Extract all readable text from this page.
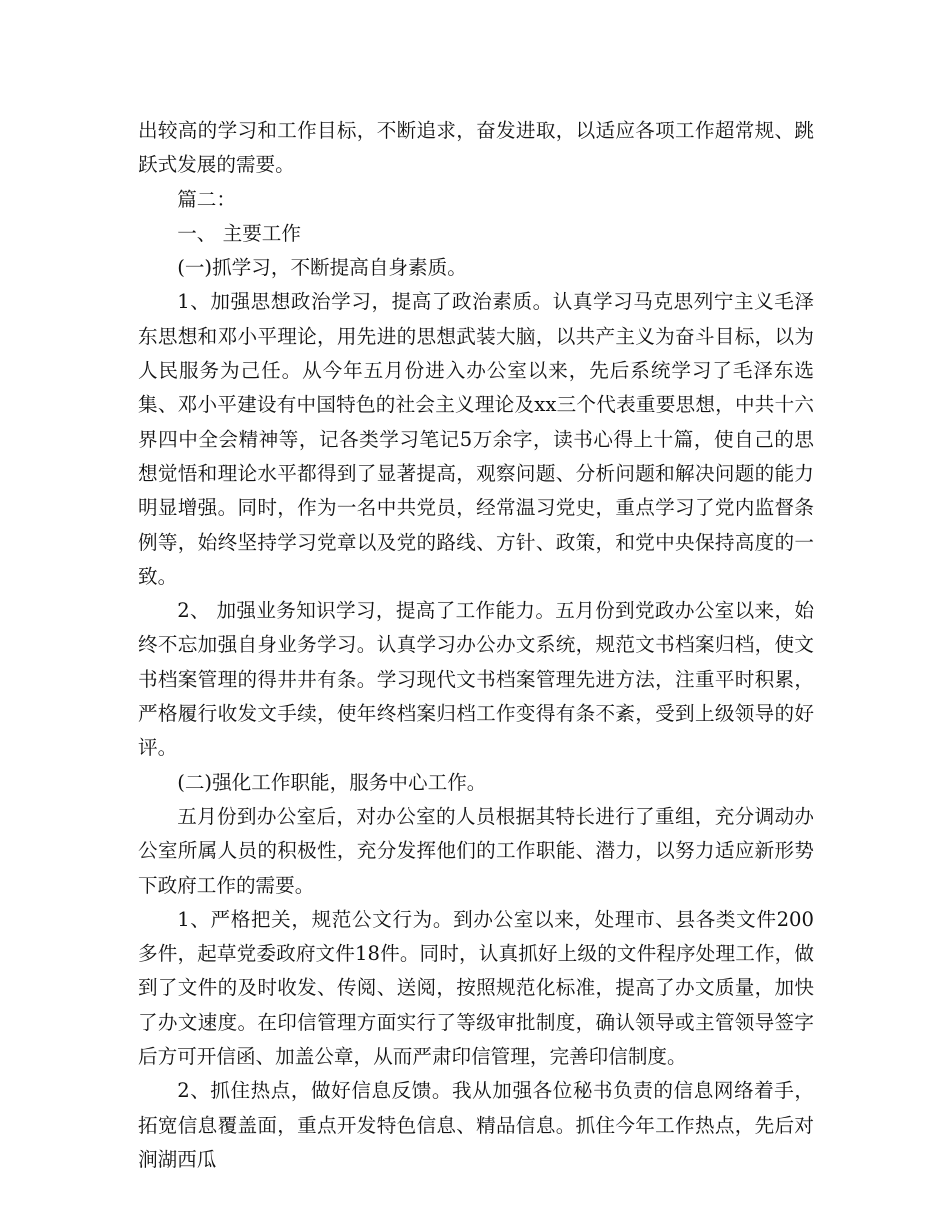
出较高的学习和工作目标，不断追求，奋发进取，以适应各项工作超常规、跳跃式发展的需要。

篇二：

一、 主要工作

(一)抓学习，不断提高自身素质。

1、加强思想政治学习，提高了政治素质。认真学习马克思列宁主义毛泽东思想和邓小平理论，用先进的思想武装大脑，以共产主义为奋斗目标，以为人民服务为己任。从今年五月份进入办公室以来，先后系统学习了毛泽东选集、邓小平建设有中国特色的社会主义理论及xx三个代表重要思想，中共十六界四中全会精神等，记各类学习笔记5万余字，读书心得上十篇，使自己的思想觉悟和理论水平都得到了显著提高，观察问题、分析问题和解决问题的能力明显增强。同时，作为一名中共党员，经常温习党史，重点学习了党内监督条例等，始终坚持学习党章以及党的路线、方针、政策，和党中央保持高度的一致。

2、 加强业务知识学习，提高了工作能力。五月份到党政办公室以来，始终不忘加强自身业务学习。认真学习办公办文系统，规范文书档案归档，使文书档案管理的得井井有条。学习现代文书档案管理先进方法，注重平时积累，严格履行收发文手续，使年终档案归档工作变得有条不紊，受到上级领导的好评。

(二)强化工作职能，服务中心工作。

五月份到办公室后，对办公室的人员根据其特长进行了重组，充分调动办公室所属人员的积极性，充分发挥他们的工作职能、潜力，以努力适应新形势下政府工作的需要。

1、严格把关，规范公文行为。到办公室以来，处理市、县各类文件200多件，起草党委政府文件18件。同时，认真抓好上级的文件程序处理工作，做到了文件的及时收发、传阅、送阅，按照规范化标准，提高了办文质量，加快了办文速度。在印信管理方面实行了等级审批制度，确认领导或主管领导签字后方可开信函、加盖公章，从而严肃印信管理，完善印信制度。

2、抓住热点，做好信息反馈。我从加强各位秘书负责的信息网络着手，拓宽信息覆盖面，重点开发特色信息、精品信息。抓住今年工作热点，先后对涧湖西瓜
